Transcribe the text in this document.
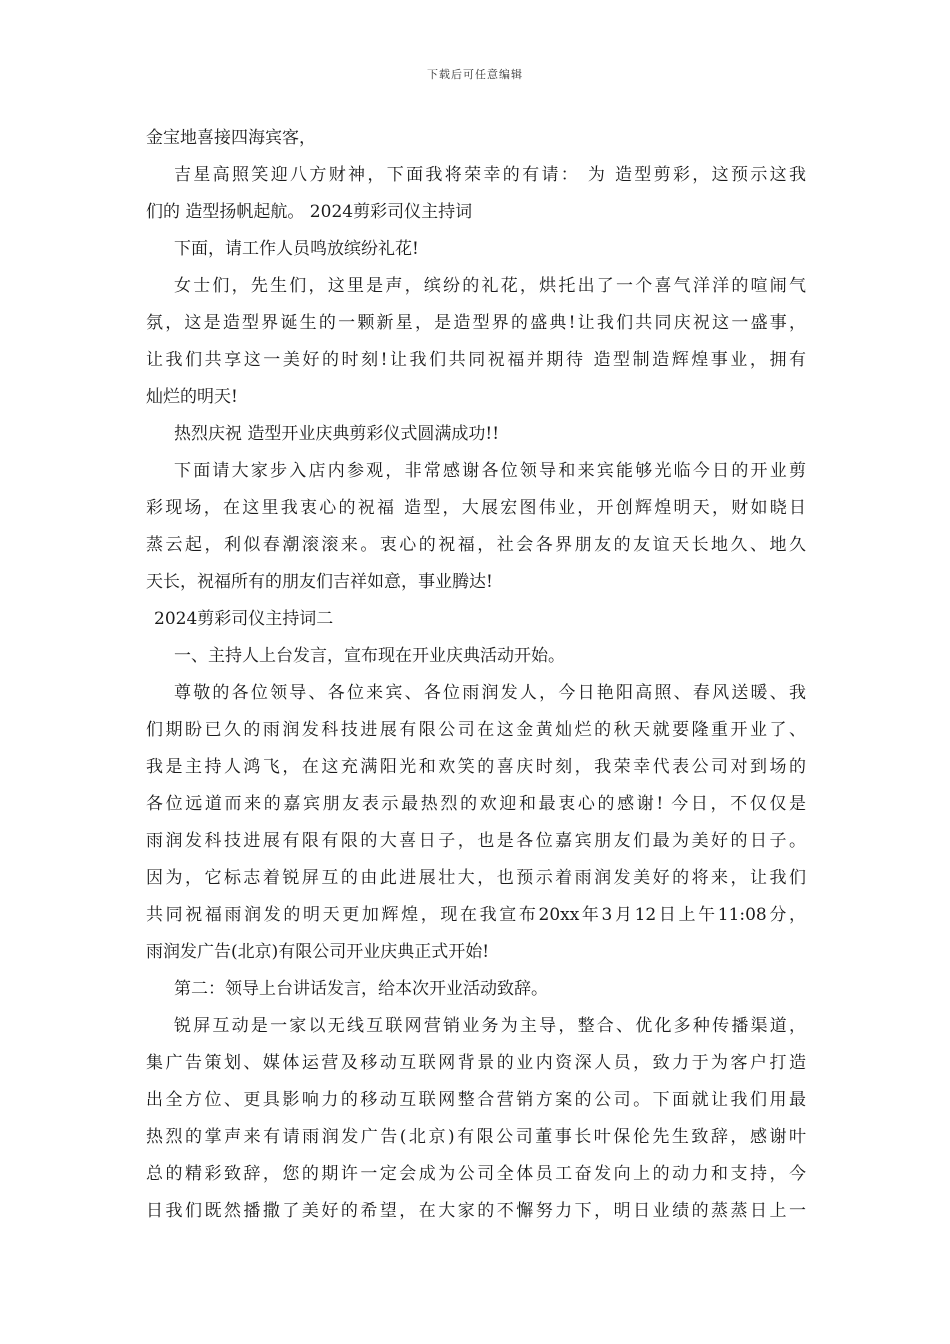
下载后可任意编辑
金宝地喜接四海宾客，
吉星高照笑迎八方财神，下面我将荣幸的有请： 为 造型剪彩，这预示这我
们的 造型扬帆起航。 2024剪彩司仪主持词
下面，请工作人员鸣放缤纷礼花!
女士们，先生们，这里是声，缤纷的礼花，烘托出了一个喜气洋洋的喧闹气
氛，这是造型界诞生的一颗新星，是造型界的盛典!让我们共同庆祝这一盛事，
让我们共享这一美好的时刻!让我们共同祝福并期待 造型制造辉煌事业，拥有
灿烂的明天!
热烈庆祝 造型开业庆典剪彩仪式圆满成功!!
下面请大家步入店内参观，非常感谢各位领导和来宾能够光临今日的开业剪
彩现场，在这里我衷心的祝福 造型，大展宏图伟业，开创辉煌明天，财如晓日
蒸云起，利似春潮滚滚来。衷心的祝福，社会各界朋友的友谊天长地久、地久
天长，祝福所有的朋友们吉祥如意，事业腾达!
2024剪彩司仪主持词二
一、主持人上台发言，宣布现在开业庆典活动开始。
尊敬的各位领导、各位来宾、各位雨润发人，今日艳阳高照、春风送暖、我
们期盼已久的雨润发科技进展有限公司在这金黄灿烂的秋天就要隆重开业了、
我是主持人鸿飞，在这充满阳光和欢笑的喜庆时刻，我荣幸代表公司对到场的
各位远道而来的嘉宾朋友表示最热烈的欢迎和最衷心的感谢! 今日，不仅仅是
雨润发科技进展有限有限的大喜日子，也是各位嘉宾朋友们最为美好的日子。
因为，它标志着锐屏互的由此进展壮大，也预示着雨润发美好的将来，让我们
共同祝福雨润发的明天更加辉煌，现在我宣布20xx年3月12日上午11:08分，
雨润发广告(北京)有限公司开业庆典正式开始!
第二：领导上台讲话发言，给本次开业活动致辞。
锐屏互动是一家以无线互联网营销业务为主导，整合、优化多种传播渠道，
集广告策划、媒体运营及移动互联网背景的业内资深人员，致力于为客户打造
出全方位、更具影响力的移动互联网整合营销方案的公司。下面就让我们用最
热烈的掌声来有请雨润发广告(北京)有限公司董事长叶保伦先生致辞，感谢叶
总的精彩致辞，您的期许一定会成为公司全体员工奋发向上的动力和支持，今
日我们既然播撒了美好的希望，在大家的不懈努力下，明日业绩的蒸蒸日上一
